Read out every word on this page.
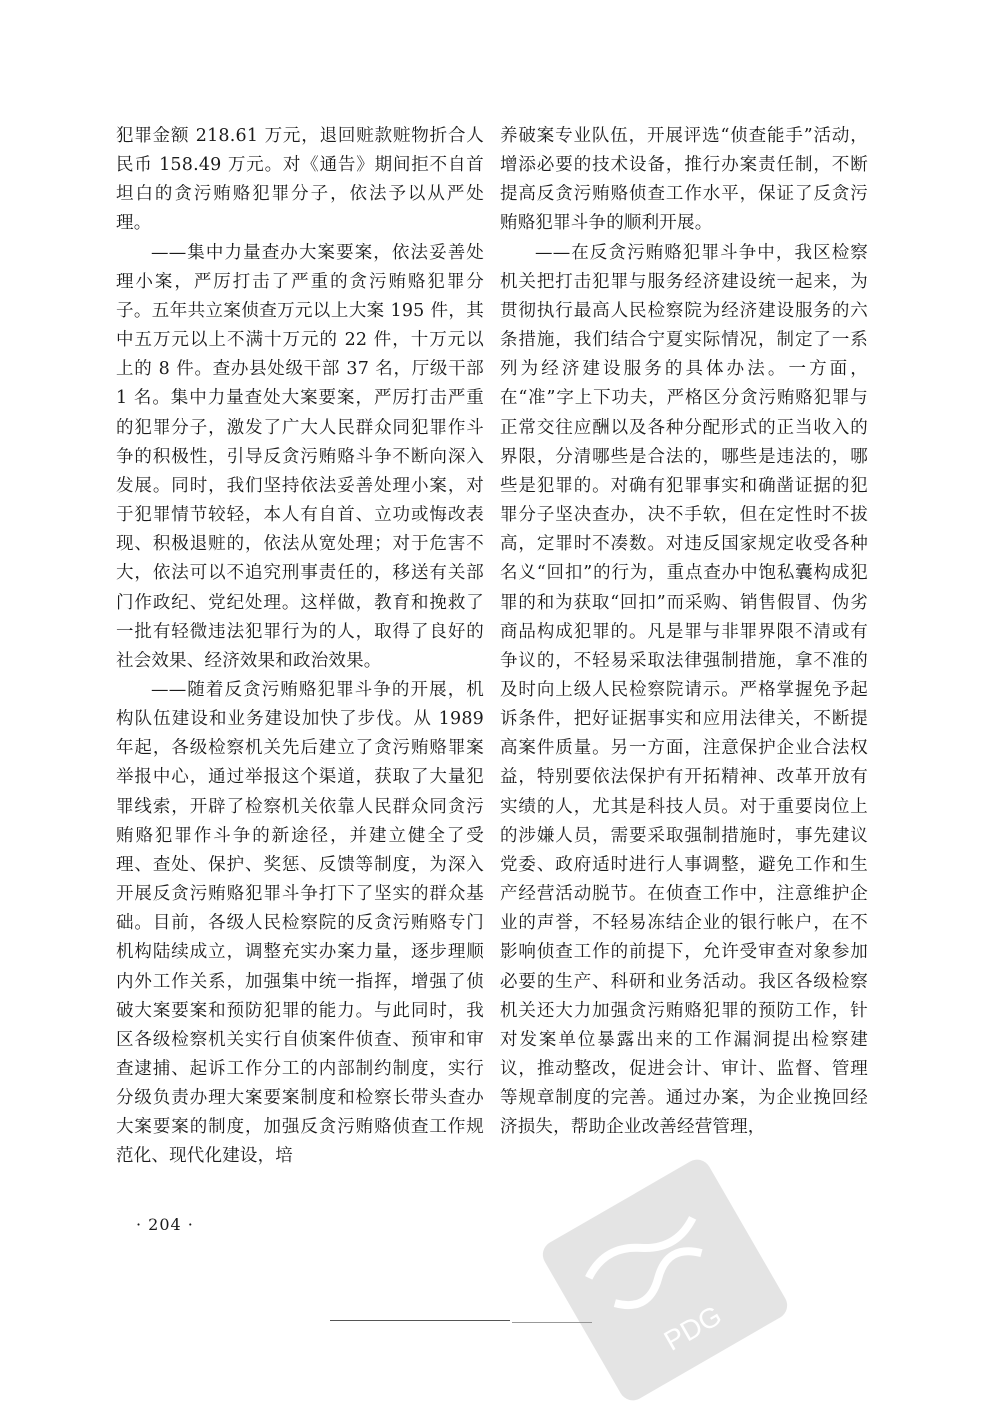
犯罪金额 218.61 万元，退回赃款赃物折合人民币 158.49 万元。对《通告》期间拒不自首坦白的贪污贿赂犯罪分子，依法予以从严处理。

——集中力量查办大案要案，依法妥善处理小案，严厉打击了严重的贪污贿赂犯罪分子。五年共立案侦查万元以上大案 195 件，其中五万元以上不满十万元的 22 件，十万元以上的 8 件。查办县处级干部 37 名，厅级干部 1 名。集中力量查处大案要案，严厉打击严重的犯罪分子，激发了广大人民群众同犯罪作斗争的积极性，引导反贪污贿赂斗争不断向深入发展。同时，我们坚持依法妥善处理小案，对于犯罪情节较轻，本人有自首、立功或悔改表现、积极退赃的，依法从宽处理；对于危害不大，依法可以不追究刑事责任的，移送有关部门作政纪、党纪处理。这样做，教育和挽救了一批有轻微违法犯罪行为的人，取得了良好的社会效果、经济效果和政治效果。

——随着反贪污贿赂犯罪斗争的开展，机构队伍建设和业务建设加快了步伐。从 1989 年起，各级检察机关先后建立了贪污贿赂罪案举报中心，通过举报这个渠道，获取了大量犯罪线索，开辟了检察机关依靠人民群众同贪污贿赂犯罪作斗争的新途径，并建立健全了受理、查处、保护、奖惩、反馈等制度，为深入开展反贪污贿赂犯罪斗争打下了坚实的群众基础。目前，各级人民检察院的反贪污贿赂专门机构陆续成立，调整充实办案力量，逐步理顺内外工作关系，加强集中统一指挥，增强了侦破大案要案和预防犯罪的能力。与此同时，我区各级检察机关实行自侦案件侦查、预审和审查逮捕、起诉工作分工的内部制约制度，实行分级负责办理大案要案制度和检察长带头查办大案要案的制度，加强反贪污贿赂侦查工作规范化、现代化建设，培

养破案专业队伍，开展评选“侦查能手”活动，增添必要的技术设备，推行办案责任制，不断提高反贪污贿赂侦查工作水平，保证了反贪污贿赂犯罪斗争的顺利开展。

——在反贪污贿赂犯罪斗争中，我区检察机关把打击犯罪与服务经济建设统一起来，为贯彻执行最高人民检察院为经济建设服务的六条措施，我们结合宁夏实际情况，制定了一系列为经济建设服务的具体办法。一方面，在“准”字上下功夫，严格区分贪污贿赂犯罪与正常交往应酬以及各种分配形式的正当收入的界限，分清哪些是合法的，哪些是违法的，哪些是犯罪的。对确有犯罪事实和确凿证据的犯罪分子坚决查办，决不手软，但在定性时不拔高，定罪时不凑数。对违反国家规定收受各种名义“回扣”的行为，重点查办中饱私囊构成犯罪的和为获取“回扣”而采购、销售假冒、伪劣商品构成犯罪的。凡是罪与非罪界限不清或有争议的，不轻易采取法律强制措施，拿不准的及时向上级人民检察院请示。严格掌握免予起诉条件，把好证据事实和应用法律关，不断提高案件质量。另一方面，注意保护企业合法权益，特别要依法保护有开拓精神、改革开放有实绩的人，尤其是科技人员。对于重要岗位上的涉嫌人员，需要采取强制措施时，事先建议党委、政府适时进行人事调整，避免工作和生产经营活动脱节。在侦查工作中，注意维护企业的声誉，不轻易冻结企业的银行帐户，在不影响侦查工作的前提下，允许受审查对象参加必要的生产、科研和业务活动。我区各级检察机关还大力加强贪污贿赂犯罪的预防工作，针对发案单位暴露出来的工作漏洞提出检察建议，推动整改，促进会计、审计、监督、管理等规章制度的完善。通过办案，为企业挽回经济损失，帮助企业改善经营管理，

· 204 ·
PDG
